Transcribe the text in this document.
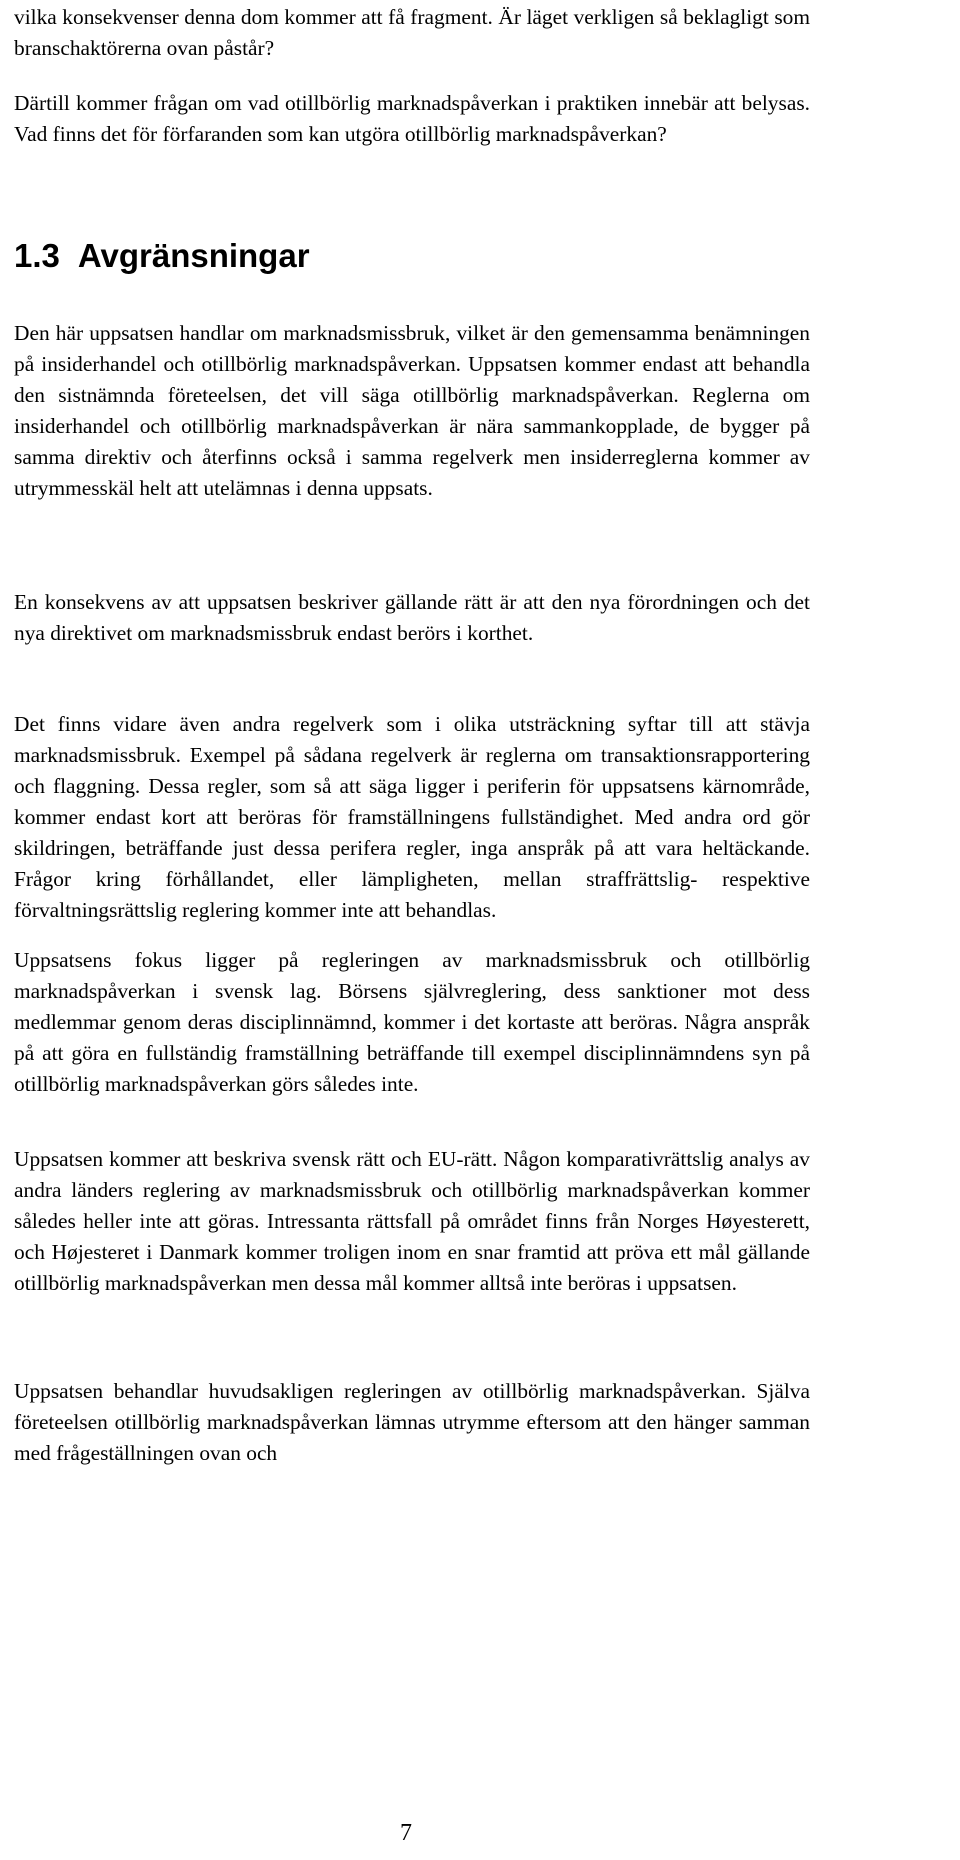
vilka konsekvenser denna dom kommer att få fragment. Är läget verkligen så beklagligt som branschaktörerna ovan påstår?

Därtill kommer frågan om vad otillbörlig marknadspåverkan i praktiken innebär att belysas. Vad finns det för förfaranden som kan utgöra otillbörlig marknadspåverkan?

1.3 Avgränsningar

Den här uppsatsen handlar om marknadsmissbruk, vilket är den gemensamma benämningen på insiderhandel och otillbörlig marknadspåverkan. Uppsatsen kommer endast att behandla den sistnämnda företeelsen, det vill säga otillbörlig marknadspåverkan. Reglerna om insiderhandel och otillbörlig marknadspåverkan är nära sammankopplade, de bygger på samma direktiv och återfinns också i samma regelverk men insiderreglerna kommer av utrymmesskäl helt att utelämnas i denna uppsats.

En konsekvens av att uppsatsen beskriver gällande rätt är att den nya förordningen och det nya direktivet om marknadsmissbruk endast berörs i korthet.

Det finns vidare även andra regelverk som i olika utsträckning syftar till att stävja marknadsmissbruk. Exempel på sådana regelverk är reglerna om transaktionsrapportering och flaggning. Dessa regler, som så att säga ligger i periferin för uppsatsens kärnområde, kommer endast kort att beröras för framställningens fullständighet. Med andra ord gör skildringen, beträffande just dessa perifera regler, inga anspråk på att vara heltäckande. Frågor kring förhållandet, eller lämpligheten, mellan straffrättslig- respektive förvaltningsrättslig reglering kommer inte att behandlas.

Uppsatsens fokus ligger på regleringen av marknadsmissbruk och otillbörlig marknadspåverkan i svensk lag. Börsens självreglering, dess sanktioner mot dess medlemmar genom deras disciplinnämnd, kommer i det kortaste att beröras. Några anspråk på att göra en fullständig framställning beträffande till exempel disciplinnämndens syn på otillbörlig marknadspåverkan görs således inte.

Uppsatsen kommer att beskriva svensk rätt och EU-rätt. Någon komparativrättslig analys av andra länders reglering av marknadsmissbruk och otillbörlig marknadspåverkan kommer således heller inte att göras. Intressanta rättsfall på området finns från Norges Høyesterett, och Højesteret i Danmark kommer troligen inom en snar framtid att pröva ett mål gällande otillbörlig marknadspåverkan men dessa mål kommer alltså inte beröras i uppsatsen.

Uppsatsen behandlar huvudsakligen regleringen av otillbörlig marknadspåverkan. Själva företeelsen otillbörlig marknadspåverkan lämnas utrymme eftersom att den hänger samman med frågeställningen ovan och

7
